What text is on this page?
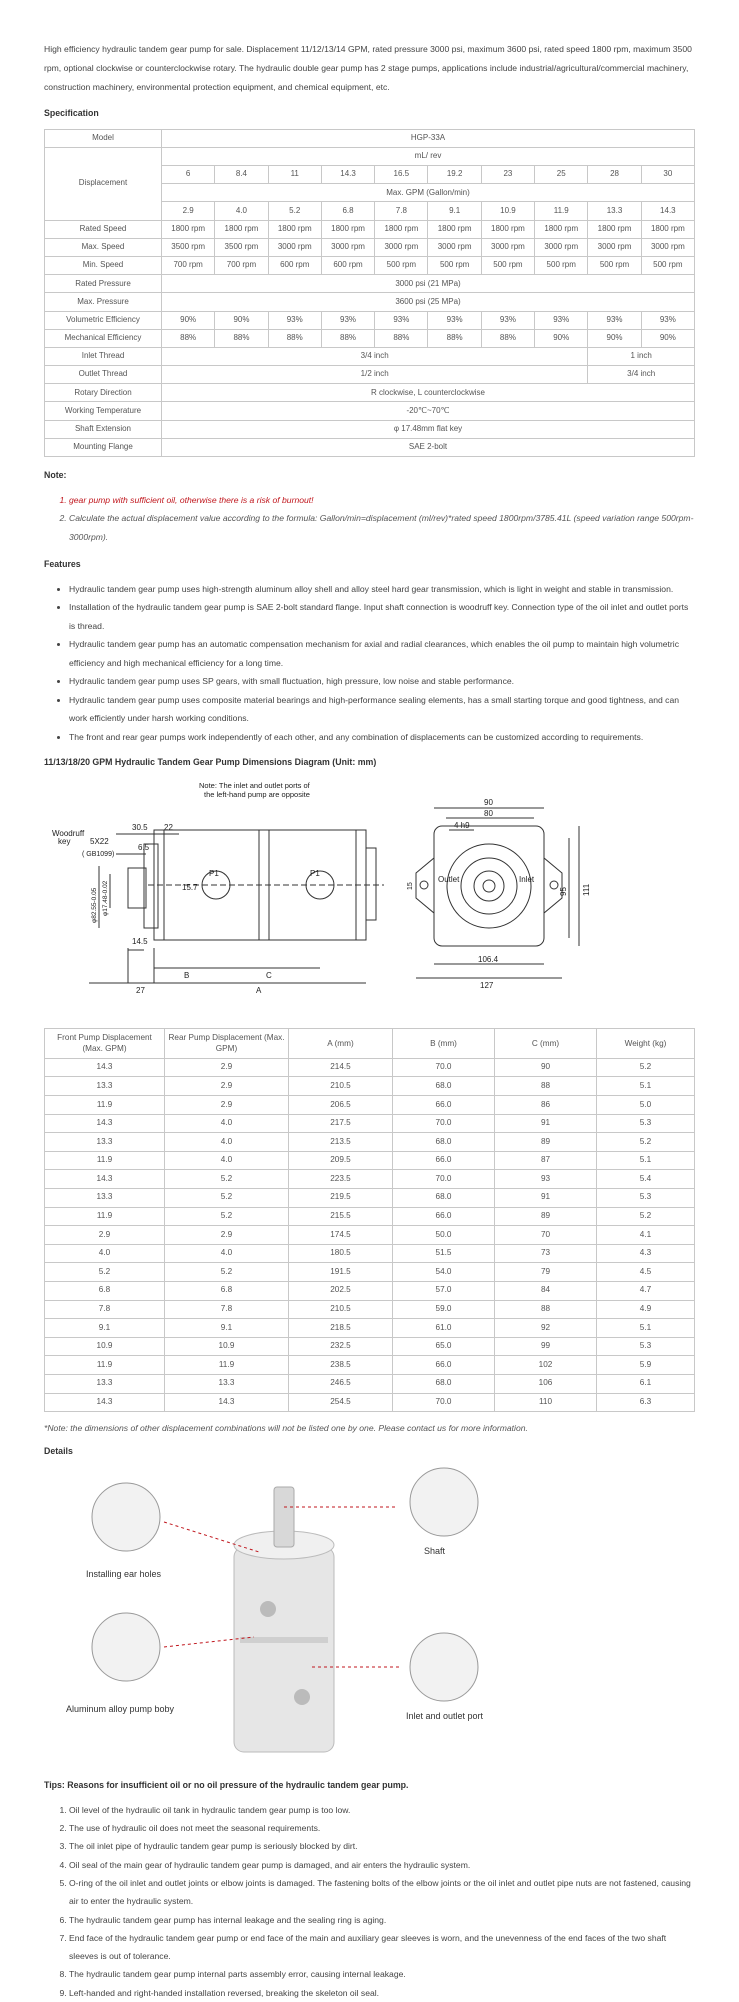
High efficiency hydraulic tandem gear pump for sale. Displacement 11/12/13/14 GPM, rated pressure 3000 psi, maximum 3600 psi, rated speed 1800 rpm, maximum 3500 rpm, optional clockwise or counterclockwise rotary. The hydraulic double gear pump has 2 stage pumps, applications include industrial/agricultural/commercial machinery, construction machinery, environmental protection equipment, and chemical equipment, etc.

Specification
Model	HGP-33A									
Displacement	mL/ rev									
	6	8.4	11	14.3	16.5	19.2	23	25	28	30
	Max. GPM (Gallon/min)									
	2.9	4.0	5.2	6.8	7.8	9.1	10.9	11.9	13.3	14.3
Rated Speed	1800 rpm	1800 rpm	1800 rpm	1800 rpm	1800 rpm	1800 rpm	1800 rpm	1800 rpm	1800 rpm	1800 rpm
Max. Speed	3500 rpm	3500 rpm	3000 rpm	3000 rpm	3000 rpm	3000 rpm	3000 rpm	3000 rpm	3000 rpm	3000 rpm
Min. Speed	700 rpm	700 rpm	600 rpm	600 rpm	500 rpm	500 rpm	500 rpm	500 rpm	500 rpm	500 rpm
Rated Pressure	3000 psi (21 MPa)									
Max. Pressure	3600 psi (25 MPa)									
Volumetric Efficiency	90%	90%	93%	93%	93%	93%	93%	93%	93%	93%
Mechanical Efficiency	88%	88%	88%	88%	88%	88%	88%	90%	90%	90%
Inlet Thread	3/4 inch								1 inch	
Outlet Thread	1/2 inch								3/4 inch	
Rotary Direction	R clockwise, L counterclockwise									
Working Temperature	-20℃~70℃									
Shaft Extension	φ 17.48mm flat key									
Mounting Flange	SAE 2-bolt									
Note:
1. gear pump with sufficient oil, otherwise there is a risk of burnout!
2. Calculate the actual displacement value according to the formula: Gallon/min=displacement (ml/rev)*rated speed 1800rpm/3785.41L (speed variation range 500rpm-3000rpm).
Features
• Hydraulic tandem gear pump uses high-strength aluminum alloy shell and alloy steel hard gear transmission, which is light in weight and stable in transmission.
• Installation of the hydraulic tandem gear pump is SAE 2-bolt standard flange. Input shaft connection is woodruff key. Connection type of the oil inlet and outlet ports is thread.
• Hydraulic tandem gear pump has an automatic compensation mechanism for axial and radial clearances, which enables the oil pump to maintain high volumetric efficiency and high mechanical efficiency for a long time.
• Hydraulic tandem gear pump uses SP gears, with small fluctuation, high pressure, low noise and stable performance.
• Hydraulic tandem gear pump uses composite material bearings and high-performance sealing elements, has a small starting torque and good tightness, and can work efficiently under harsh working conditions.
• The front and rear gear pumps work independently of each other, and any combination of displacements can be customized according to requirements.
11/13/18/20 GPM Hydraulic Tandem Gear Pump Dimensions Diagram (Unit: mm)
Note: The inlet and outlet ports of
the left-hand pump are opposite
Woodruff
key 5X22
( GB1099)
30.5 22
6.5
15.7
P1	P1
14.5
27
B	C
A
φ82.55-0.05 φ17.48-0.02
90
80
4 h9
Outlet	Inlet
15
95 111
106.4
127
Front Pump Displacement (Max. GPM)	Rear Pump Displacement (Max. GPM)	A (mm)	B (mm)	C (mm)	Weight (kg)
14.3	2.9	214.5	70.0	90	5.2
13.3	2.9	210.5	68.0	88	5.1
11.9	2.9	206.5	66.0	86	5.0
14.3	4.0	217.5	70.0	91	5.3
13.3	4.0	213.5	68.0	89	5.2
11.9	4.0	209.5	66.0	87	5.1
14.3	5.2	223.5	70.0	93	5.4
13.3	5.2	219.5	68.0	91	5.3
11.9	5.2	215.5	66.0	89	5.2
2.9	2.9	174.5	50.0	70	4.1
4.0	4.0	180.5	51.5	73	4.3
5.2	5.2	191.5	54.0	79	4.5
6.8	6.8	202.5	57.0	84	4.7
7.8	7.8	210.5	59.0	88	4.9
9.1	9.1	218.5	61.0	92	5.1
10.9	10.9	232.5	65.0	99	5.3
11.9	11.9	238.5	66.0	102	5.9
13.3	13.3	246.5	68.0	106	6.1
14.3	14.3	254.5	70.0	110	6.3

*Note: the dimensions of other displacement combinations will not be listed one by one. Please contact us for more information.

Details
Installing ear holes
Shaft
Aluminum alloy pump boby
Inlet and outlet port
Tips: Reasons for insufficient oil or no oil pressure of the hydraulic tandem gear pump.
1. Oil level of the hydraulic oil tank in hydraulic tandem gear pump is too low.
2. The use of hydraulic oil does not meet the seasonal requirements.
3. The oil inlet pipe of hydraulic tandem gear pump is seriously blocked by dirt.
4. Oil seal of the main gear of hydraulic tandem gear pump is damaged, and air enters the hydraulic system.
5. O-ring of the oil inlet and outlet joints or elbow joints is damaged. The fastening bolts of the elbow joints or the oil inlet and outlet pipe nuts are not fastened, causing air to enter the hydraulic system.
6. The hydraulic tandem gear pump has internal leakage and the sealing ring is aging.
7. End face of the hydraulic tandem gear pump or end face of the main and auxiliary gear sleeves is worn, and the unevenness of the end faces of the two shaft sleeves is out of tolerance.
8. The hydraulic tandem gear pump internal parts assembly error, causing internal leakage.
9. Left-handed and right-handed installation reversed, breaking the skeleton oil seal.
